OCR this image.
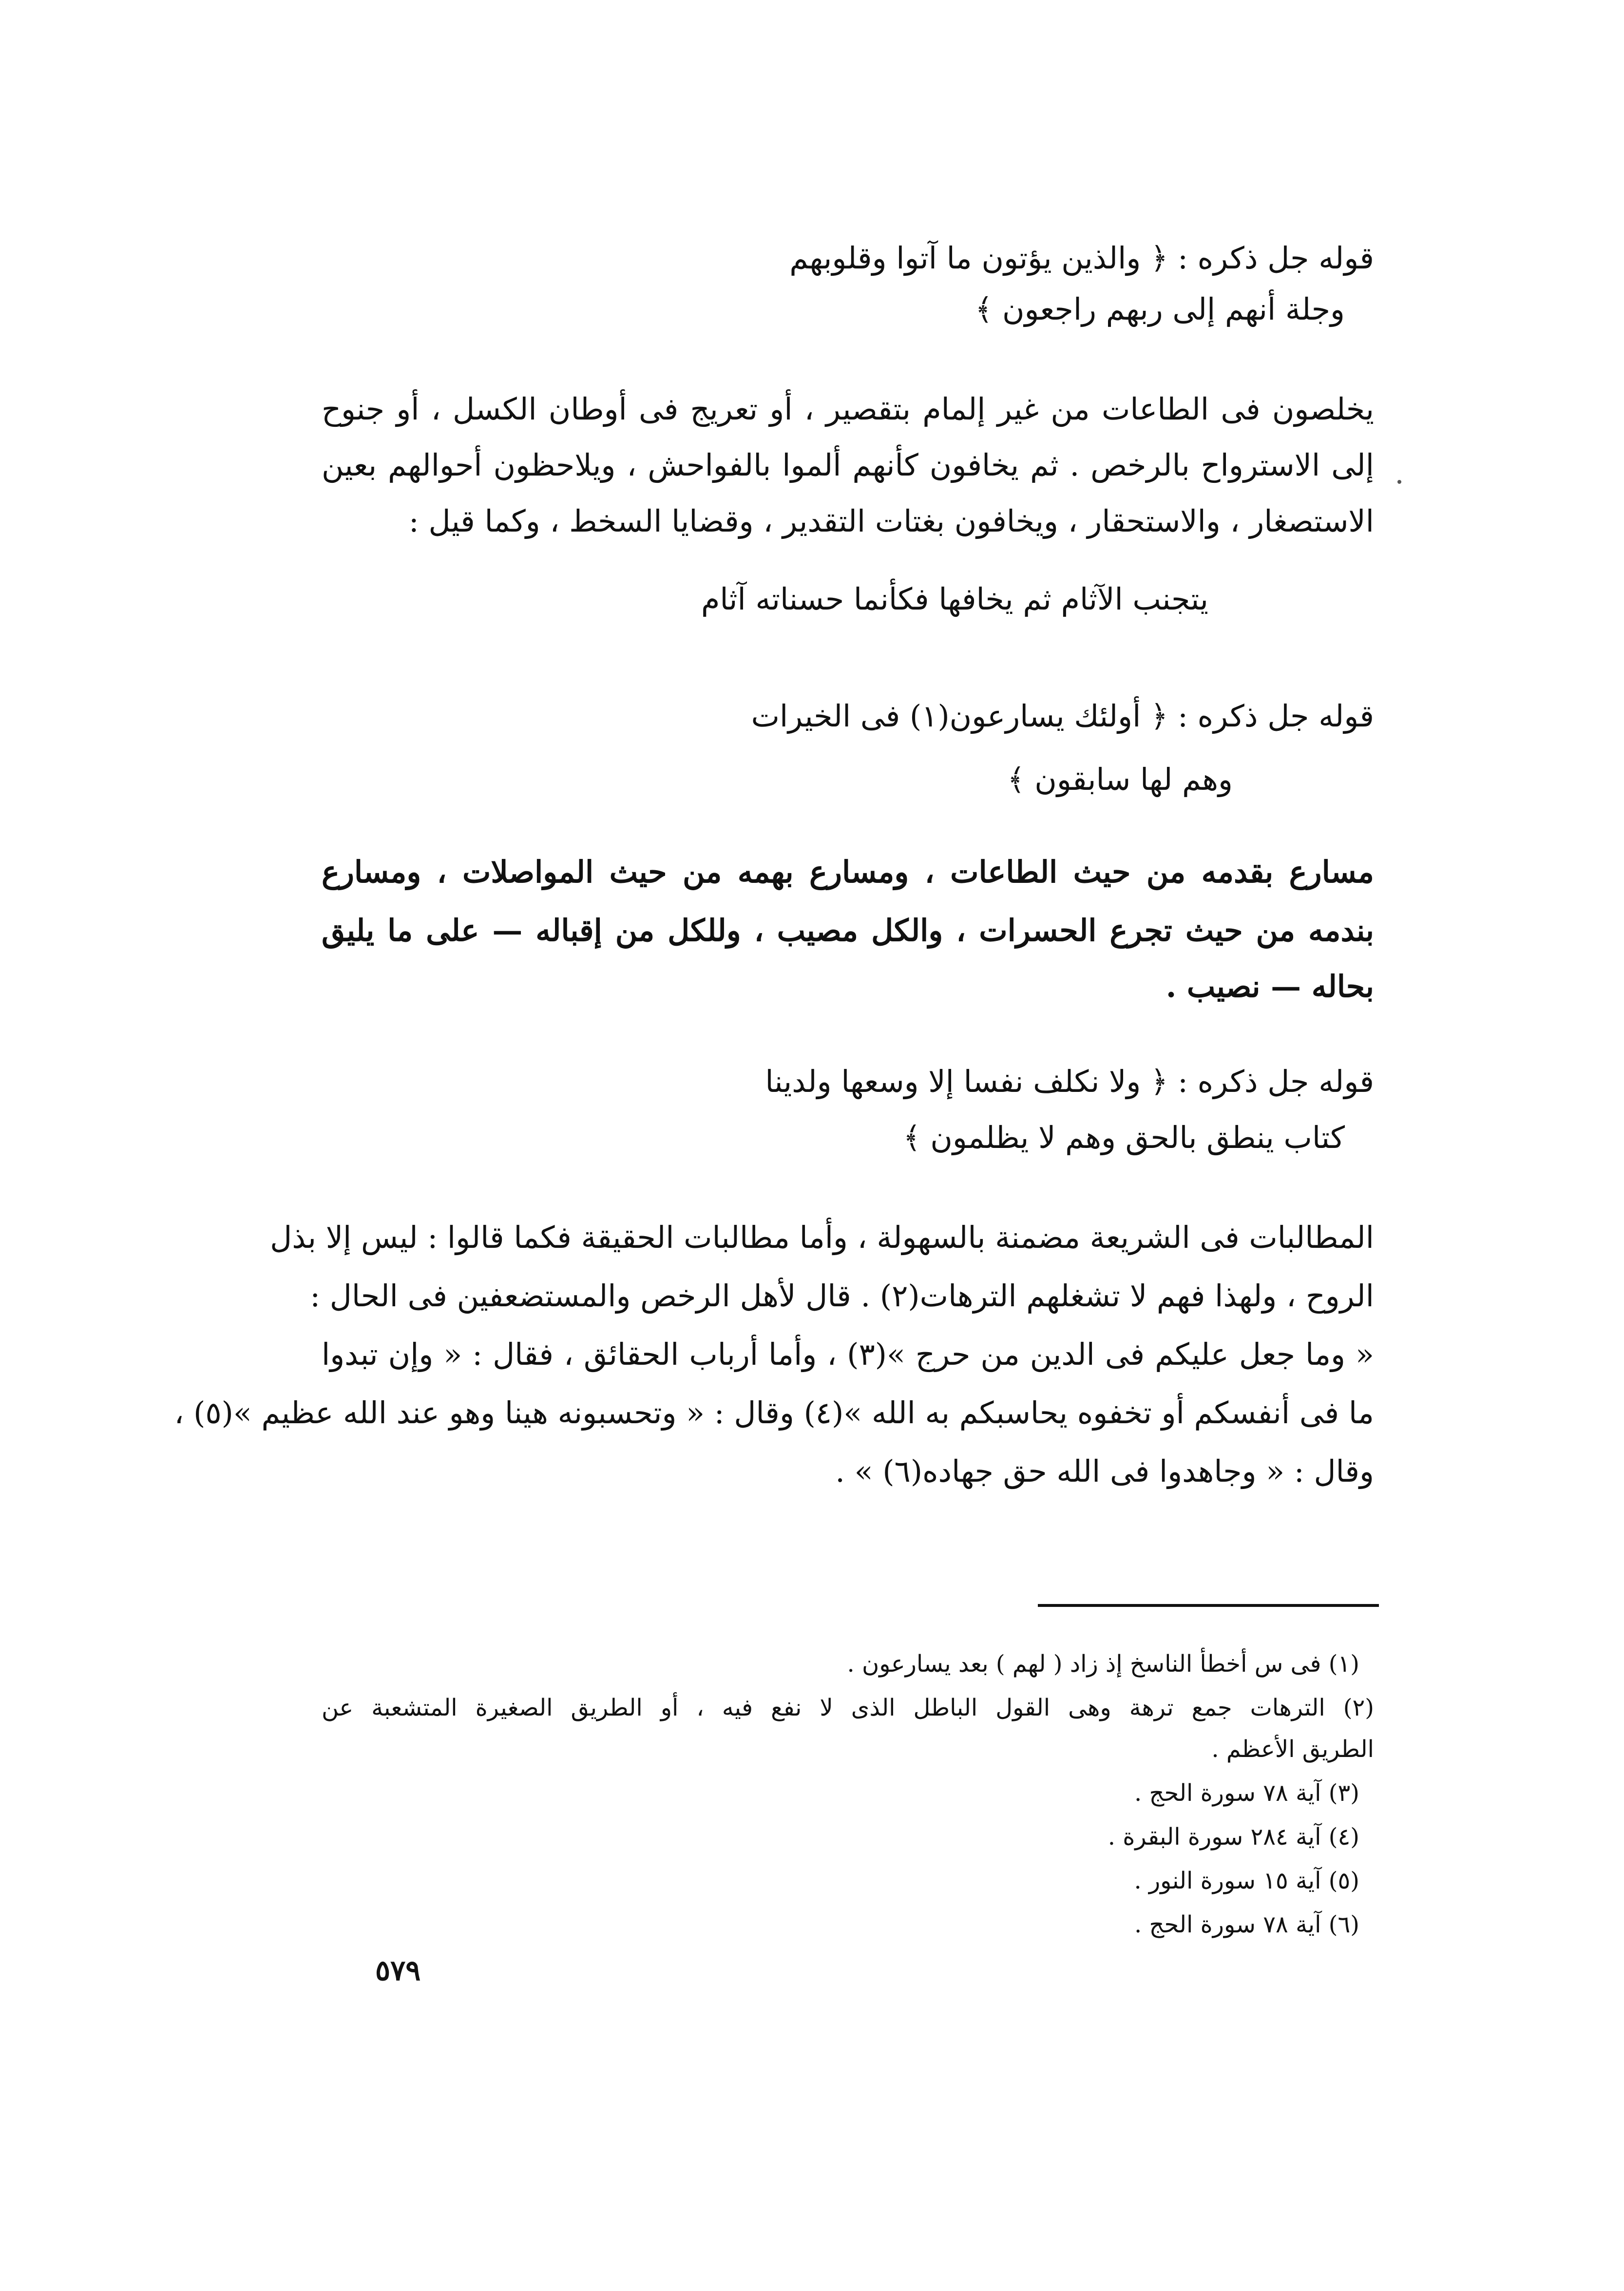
قوله جل ذكره : ﴿ والذين يؤتون ما آتوا وقلوبهم
وجلة أنهم إلى ربهم راجعون ﴾
يخلصون فى الطاعات من غير إلمام بتقصير ، أو تعريج فى أوطان الكسل ، أو جنوح
إلى الاسترواح بالرخص . ثم يخافون كأنهم ألموا بالفواحش ، ويلاحظون أحوالهم بعين
الاستصغار ، والاستحقار ، ويخافون بغتات التقدير ، وقضايا السخط ، وكما قيل :
يتجنب الآثام ثم يخافها فكأنما حسناته آثام
قوله جل ذكره : ﴿ أولئك يسارعون(١) فى الخيرات
وهم لها سابقون ﴾
مسارع بقدمه من حيث الطاعات ، ومسارع بهمه من حيث المواصلات ، ومسارع
بندمه من حيث تجرع الحسرات ، والكل مصيب ، وللكل من إقباله — على ما يليق
بحاله — نصيب .
قوله جل ذكره : ﴿ ولا نكلف نفسا إلا وسعها ولدينا
كتاب ينطق بالحق وهم لا يظلمون ﴾
المطالبات فى الشريعة مضمنة بالسهولة ، وأما مطالبات الحقيقة فكما قالوا : ليس إلا بذل
الروح ، ولهذا فهم لا تشغلهم الترهات(٢) . قال لأهل الرخص والمستضعفين فى الحال :
« وما جعل عليكم فى الدين من حرج »(٣) ، وأما أرباب الحقائق ، فقال : « وإن تبدوا
ما فى أنفسكم أو تخفوه يحاسبكم به الله »(٤) وقال : « وتحسبونه هينا وهو عند الله عظيم »(٥) ،
وقال : « وجاهدوا فى الله حق جهاده(٦) » .
(١) فى س أخطأ الناسخ إذ زاد ( لهم ) بعد يسارعون .
(٢) الترهات جمع ترهة وهى القول الباطل الذى لا نفع فيه ، أو الطريق الصغيرة المتشعبة عن
الطريق الأعظم .
(٣) آية ٧٨ سورة الحج .
(٤) آية ٢٨٤ سورة البقرة .
(٥) آية ١٥ سورة النور .
(٦) آية ٧٨ سورة الحج .
٥٧٩
